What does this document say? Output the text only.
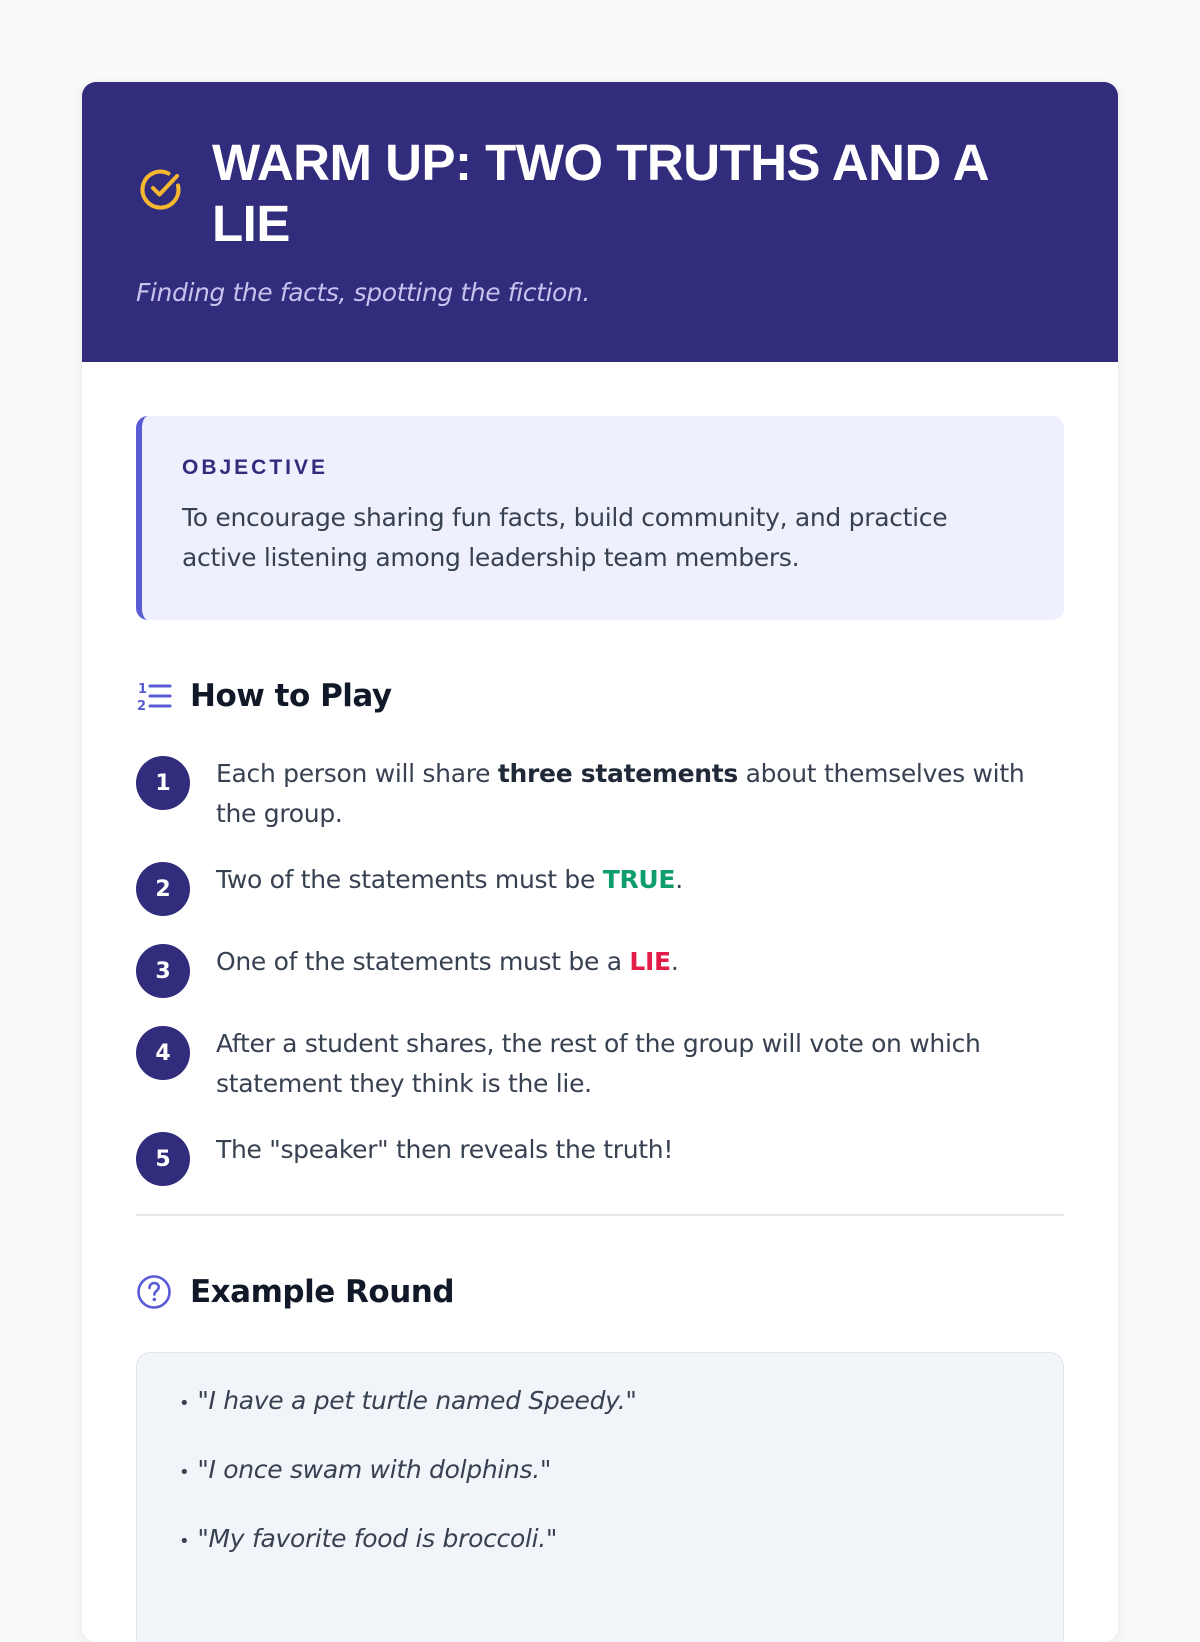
WARM UP: TWO TRUTHS AND A LIE
Finding the facts, spotting the fiction.
OBJECTIVE
To encourage sharing fun facts, build community, and practice active listening among leadership team members.
1
2 How to Play
1	Each person will share three statements about themselves with the group.
2	Two of the statements must be TRUE.
3	One of the statements must be a LIE.
4	After a student shares, the rest of the group will vote on which statement they think is the lie.
5	The "speaker" then reveals the truth!
Example Round
• "I have a pet turtle named Speedy."
• "I once swam with dolphins."
• "My favorite food is broccoli."
